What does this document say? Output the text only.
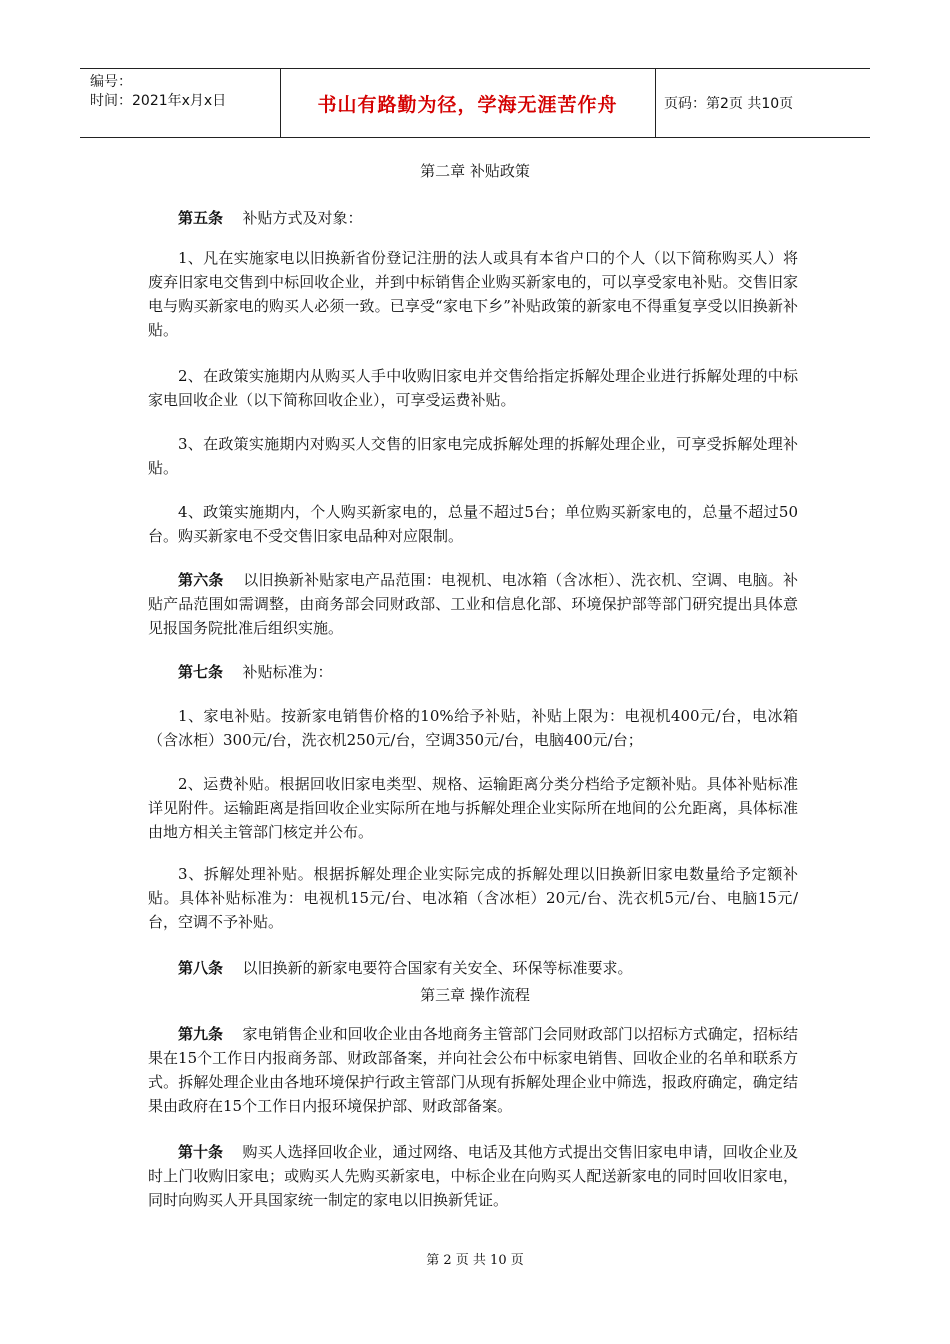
编号：
时间：2021年x月x日	书山有路勤为径，学海无涯苦作舟	页码：第2页 共10页
第二章 补贴政策

第五条 补贴方式及对象：

1、凡在实施家电以旧换新省份登记注册的法人或具有本省户口的个人（以下简称购买人）将废弃旧家电交售到中标回收企业，并到中标销售企业购买新家电的，可以享受家电补贴。交售旧家电与购买新家电的购买人必须一致。已享受“家电下乡”补贴政策的新家电不得重复享受以旧换新补贴。

2、在政策实施期内从购买人手中收购旧家电并交售给指定拆解处理企业进行拆解处理的中标家电回收企业（以下简称回收企业），可享受运费补贴。

3、在政策实施期内对购买人交售的旧家电完成拆解处理的拆解处理企业，可享受拆解处理补贴。

4、政策实施期内，个人购买新家电的，总量不超过5台；单位购买新家电的，总量不超过50台。购买新家电不受交售旧家电品种对应限制。

第六条 以旧换新补贴家电产品范围：电视机、电冰箱（含冰柜）、洗衣机、空调、电脑。补贴产品范围如需调整，由商务部会同财政部、工业和信息化部、环境保护部等部门研究提出具体意见报国务院批准后组织实施。

第七条 补贴标准为：

1、家电补贴。按新家电销售价格的10%给予补贴，补贴上限为：电视机400元/台，电冰箱（含冰柜）300元/台，洗衣机250元/台，空调350元/台，电脑400元/台；

2、运费补贴。根据回收旧家电类型、规格、运输距离分类分档给予定额补贴。具体补贴标准详见附件。运输距离是指回收企业实际所在地与拆解处理企业实际所在地间的公允距离，具体标准由地方相关主管部门核定并公布。

3、拆解处理补贴。根据拆解处理企业实际完成的拆解处理以旧换新旧家电数量给予定额补贴。具体补贴标准为：电视机15元/台、电冰箱（含冰柜）20元/台、洗衣机5元/台、电脑15元/台，空调不予补贴。

第八条 以旧换新的新家电要符合国家有关安全、环保等标准要求。

第三章 操作流程

第九条 家电销售企业和回收企业由各地商务主管部门会同财政部门以招标方式确定，招标结果在15个工作日内报商务部、财政部备案，并向社会公布中标家电销售、回收企业的名单和联系方式。拆解处理企业由各地环境保护行政主管部门从现有拆解处理企业中筛选，报政府确定，确定结果由政府在15个工作日内报环境保护部、财政部备案。

第十条 购买人选择回收企业，通过网络、电话及其他方式提出交售旧家电申请，回收企业及时上门收购旧家电；或购买人先购买新家电，中标企业在向购买人配送新家电的同时回收旧家电，同时向购买人开具国家统一制定的家电以旧换新凭证。

第 2 页 共 10 页
